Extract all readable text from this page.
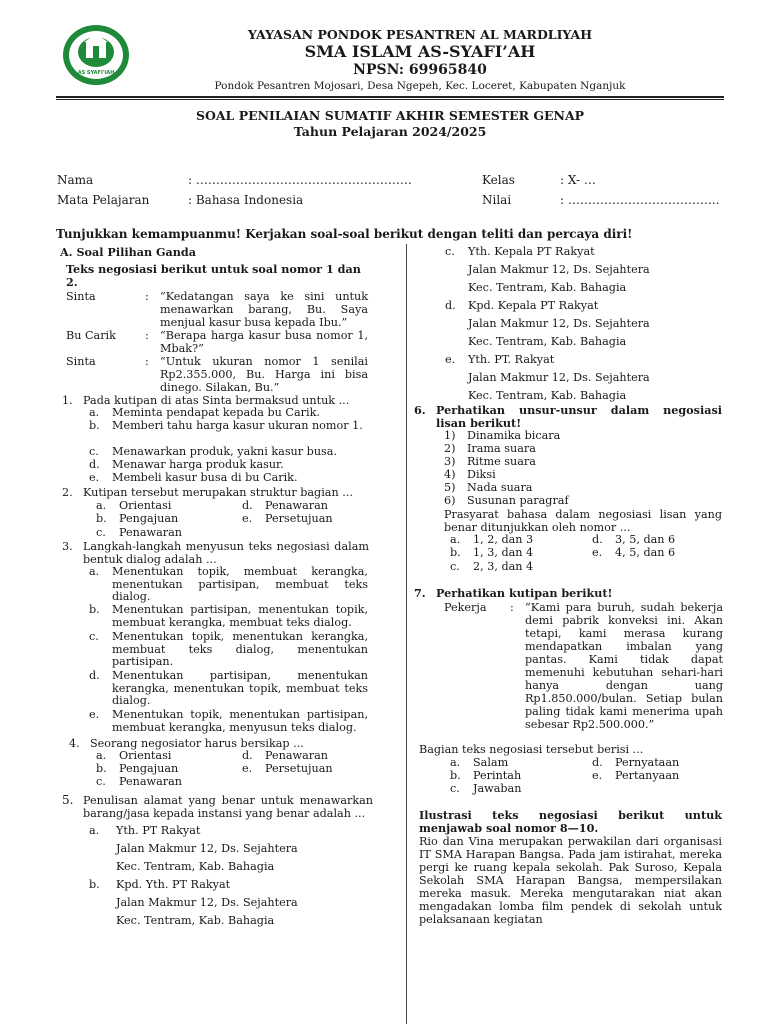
AS SYAFI'IAH
YAYASAN PONDOK PESANTREN AL MARDLIYAH
SMA ISLAM AS-SYAFI’AH
NPSN: 69965840
Pondok Pesantren Mojosari, Desa Ngepeh, Kec. Loceret, Kabupaten Nganjuk
SOAL PENILAIAN SUMATIF AKHIR SEMESTER GENAP
Tahun Pelajaran 2024/2025
Nama	: ………………………………………………	Kelas	: X- …
Mata Pelajaran	: Bahasa Indonesia	Nilai	: ………………………………..
Tunjukkan kemampuanmu! Kerjakan soal-soal berikut dengan teliti dan percaya diri!
A. Soal Pilihan Ganda
Teks negosiasi berikut untuk soal nomor 1 dan 2.
Sinta	: “Kedatangan saya ke sini untuk menawarkan barang, Bu. Saya menjual kasur busa kepada Ibu.”
Bu Carik	: “Berapa harga kasur busa nomor 1, Mbak?”
Sinta	: “Untuk ukuran nomor 1 senilai Rp2.355.000, Bu. Harga ini bisa dinego. Silakan, Bu.”
1. Pada kutipan di atas Sinta bermaksud untuk ...
a. Meminta pendapat kepada bu Carik.
b. Memberi tahu harga kasur ukuran nomor 1.
c. Menawarkan produk, yakni kasur busa.
d. Menawar harga produk kasur.
e. Membeli kasur busa di bu Carik.
2. Kutipan tersebut merupakan struktur bagian ...
a. Orientasi	d. Penawaran
b. Pengajuan	e. Persetujuan
c. Penawaran
3. Langkah-langkah menyusun teks negosiasi dalam bentuk dialog adalah ...
a. Menentukan topik, membuat kerangka, menentukan partisipan, membuat teks dialog.
b. Menentukan partisipan, menentukan topik, membuat kerangka, membuat teks dialog.
c. Menentukan topik, menentukan kerangka, membuat teks dialog, menentukan partisipan.
d. Menentukan partisipan, menentukan kerangka, menentukan topik, membuat teks dialog.
e. Menentukan topik, menentukan partisipan, membuat kerangka, menyusun teks dialog.
4. Seorang negosiator harus bersikap ...
a. Orientasi	d. Penawaran
b. Pengajuan	e. Persetujuan
c. Penawaran
5. Penulisan alamat yang benar untuk menawarkan barang/jasa kepada instansi yang benar adalah ...
a. Yth. PT Rakyat
Jalan Makmur 12, Ds. Sejahtera
Kec. Tentram, Kab. Bahagia
b. Kpd. Yth. PT Rakyat
Jalan Makmur 12, Ds. Sejahtera
Kec. Tentram, Kab. Bahagia
c. Yth. Kepala PT Rakyat
Jalan Makmur 12, Ds. Sejahtera
Kec. Tentram, Kab. Bahagia
d. Kpd. Kepala PT Rakyat
Jalan Makmur 12, Ds. Sejahtera
Kec. Tentram, Kab. Bahagia
e. Yth. PT. Rakyat
Jalan Makmur 12, Ds. Sejahtera
Kec. Tentram, Kab. Bahagia
6. Perhatikan unsur-unsur dalam negosiasi lisan berikut!
1) Dinamika bicara
2) Irama suara
3) Ritme suara
4) Diksi
5) Nada suara
6) Susunan paragraf
Prasyarat bahasa dalam negosiasi lisan yang benar ditunjukkan oleh nomor ...
a. 1, 2, dan 3	d. 3, 5, dan 6
b. 1, 3, dan 4	e. 4, 5, dan 6
c. 2, 3, dan 4
7. Perhatikan kutipan berikut!
Pekerja : “Kami para buruh, sudah bekerja demi pabrik konveksi ini. Akan tetapi, kami merasa kurang mendapatkan imbalan yang pantas. Kami tidak dapat memenuhi kebutuhan sehari-hari hanya dengan uang Rp1.850.000/bulan. Setiap bulan paling tidak kami menerima upah sebesar Rp2.500.000.”
Bagian teks negosiasi tersebut berisi ...
a. Salam	d. Pernyataan
b. Perintah	e. Pertanyaan
c. Jawaban
Ilustrasi teks negosiasi berikut untuk menjawab soal nomor 8—10.
Rio dan Vina merupakan perwakilan dari organisasi IT SMA Harapan Bangsa. Pada jam istirahat, mereka pergi ke ruang kepala sekolah. Pak Suroso, Kepala Sekolah SMA Harapan Bangsa, mempersilakan mereka masuk. Mereka mengutarakan niat akan mengadakan lomba film pendek di sekolah untuk pelaksanaan kegiatan
